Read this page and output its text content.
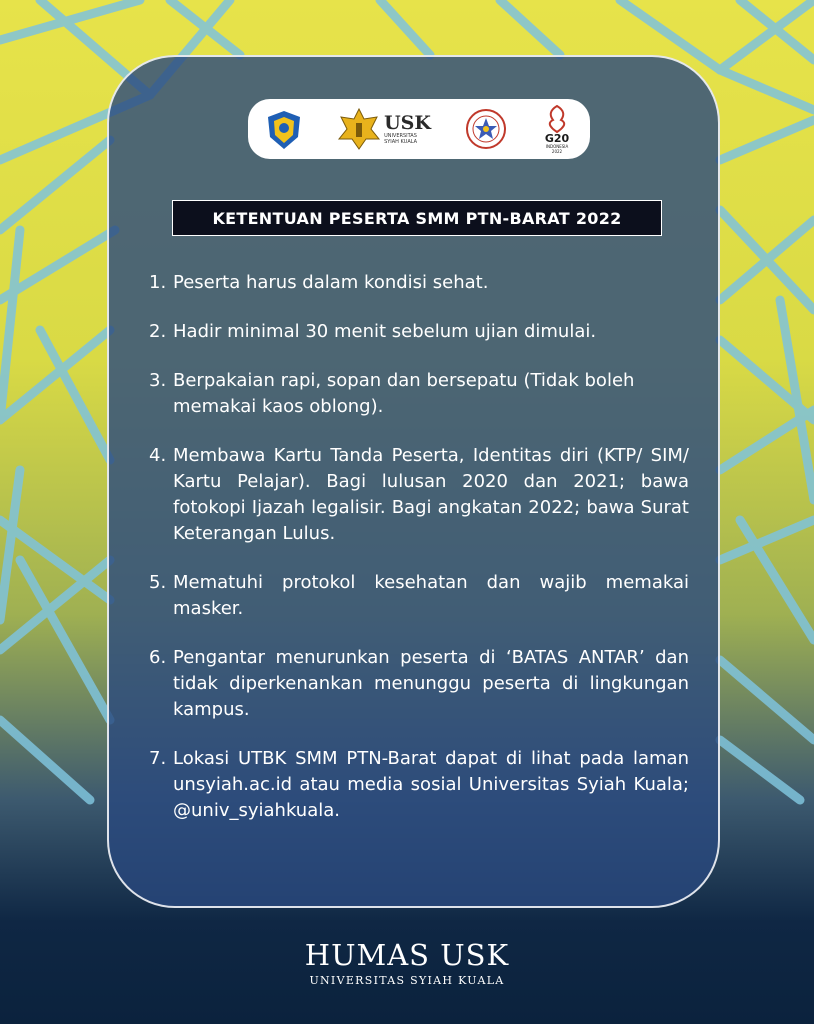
USK
UNIVERSITAS
SYIAH KUALA	G20
INDONESIA
2022
KETENTUAN PESERTA SMM PTN-BARAT 2022
1. Peserta harus dalam kondisi sehat.
2. Hadir minimal 30 menit sebelum ujian dimulai.
3. Berpakaian rapi, sopan dan bersepatu (Tidak boleh memakai kaos oblong).
4. Membawa Kartu Tanda Peserta, Identitas diri (KTP/ SIM/ Kartu Pelajar). Bagi lulusan 2020 dan 2021; bawa fotokopi Ijazah legalisir. Bagi angkatan 2022; bawa Surat Keterangan Lulus.
5. Mematuhi protokol kesehatan dan wajib memakai masker.
6. Pengantar menurunkan peserta di ‘BATAS ANTAR’ dan tidak diperkenankan menunggu peserta di lingkungan kampus.
7. Lokasi UTBK SMM PTN-Barat dapat di lihat pada laman unsyiah.ac.id atau media sosial Universitas Syiah Kuala; @univ_syiahkuala.
HUMAS USK
UNIVERSITAS SYIAH KUALA
